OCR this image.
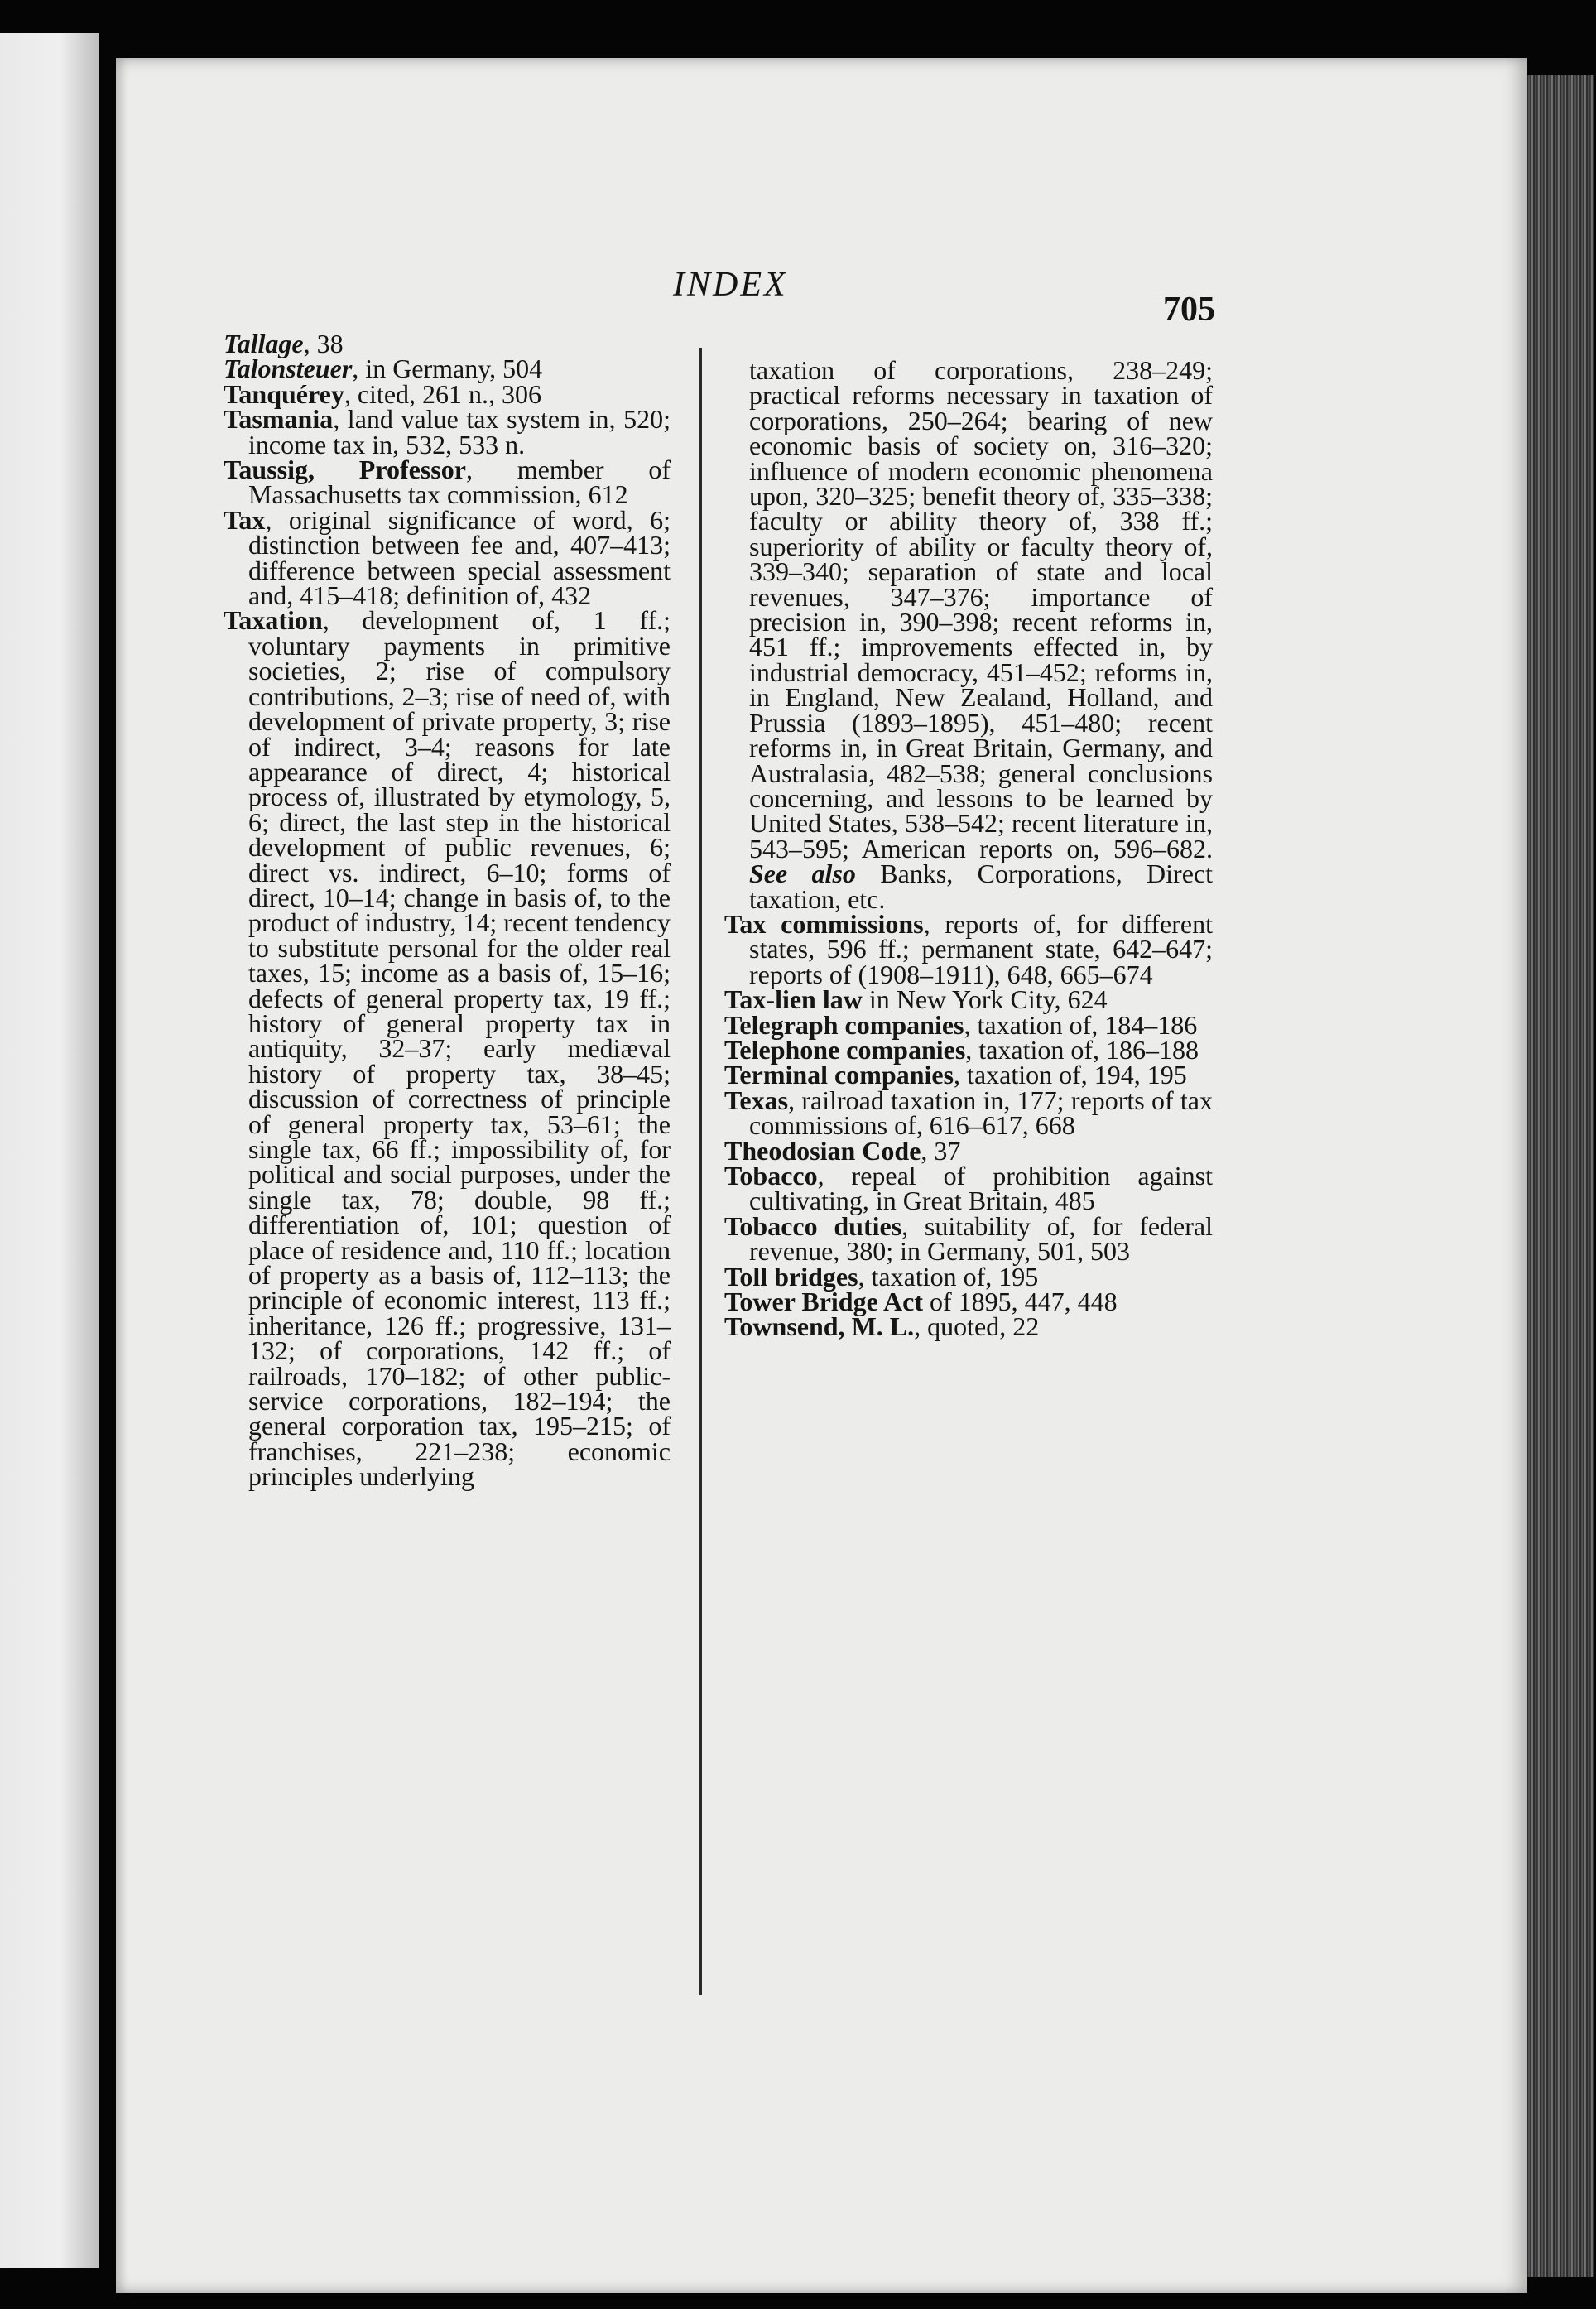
INDEX
705

Tallage, 38

Talonsteuer, in Germany, 504

Tanquérey, cited, 261 n., 306

Tasmania, land value tax system in, 520; income tax in, 532, 533 n.

Taussig, Professor, member of Massachusetts tax commission, 612

Tax, original significance of word, 6; distinction between fee and, 407–413; difference between special assessment and, 415–418; definition of, 432

Taxation, development of, 1 ff.; voluntary payments in primitive societies, 2; rise of compulsory contributions, 2–3; rise of need of, with development of private property, 3; rise of indirect, 3–4; reasons for late appearance of direct, 4; historical process of, illustrated by etymology, 5, 6; direct, the last step in the historical development of public revenues, 6; direct vs. indirect, 6–10; forms of direct, 10–14; change in basis of, to the product of industry, 14; recent tendency to substitute personal for the older real taxes, 15; income as a basis of, 15–16; defects of general property tax, 19 ff.; history of general property tax in antiquity, 32–37; early mediæval history of property tax, 38–45; discussion of correctness of principle of general property tax, 53–61; the single tax, 66 ff.; impossibility of, for political and social purposes, under the single tax, 78; double, 98 ff.; differentiation of, 101; question of place of residence and, 110 ff.; location of property as a basis of, 112–113; the principle of economic interest, 113 ff.; inheritance, 126 ff.; progressive, 131–132; of corporations, 142 ff.; of railroads, 170–182; of other public-service corporations, 182–194; the general corporation tax, 195–215; of franchises, 221–238; economic principles underlying

taxation of corporations, 238–249; practical reforms necessary in taxation of corporations, 250–264; bearing of new economic basis of society on, 316–320; influence of modern economic phenomena upon, 320–325; benefit theory of, 335–338; faculty or ability theory of, 338 ff.; superiority of ability or faculty theory of, 339–340; separation of state and local revenues, 347–376; importance of precision in, 390–398; recent reforms in, 451 ff.; improvements effected in, by industrial democracy, 451–452; reforms in, in England, New Zealand, Holland, and Prussia (1893–1895), 451–480; recent reforms in, in Great Britain, Germany, and Australasia, 482–538; general conclusions concerning, and lessons to be learned by United States, 538–542; recent literature in, 543–595; American reports on, 596–682. See also Banks, Corporations, Direct taxation, etc.

Tax commissions, reports of, for different states, 596 ff.; permanent state, 642–647; reports of (1908–1911), 648, 665–674

Tax-lien law in New York City, 624

Telegraph companies, taxation of, 184–186

Telephone companies, taxation of, 186–188

Terminal companies, taxation of, 194, 195

Texas, railroad taxation in, 177; reports of tax commissions of, 616–617, 668

Theodosian Code, 37

Tobacco, repeal of prohibition against cultivating, in Great Britain, 485

Tobacco duties, suitability of, for federal revenue, 380; in Germany, 501, 503

Toll bridges, taxation of, 195

Tower Bridge Act of 1895, 447, 448

Townsend, M. L., quoted, 22
